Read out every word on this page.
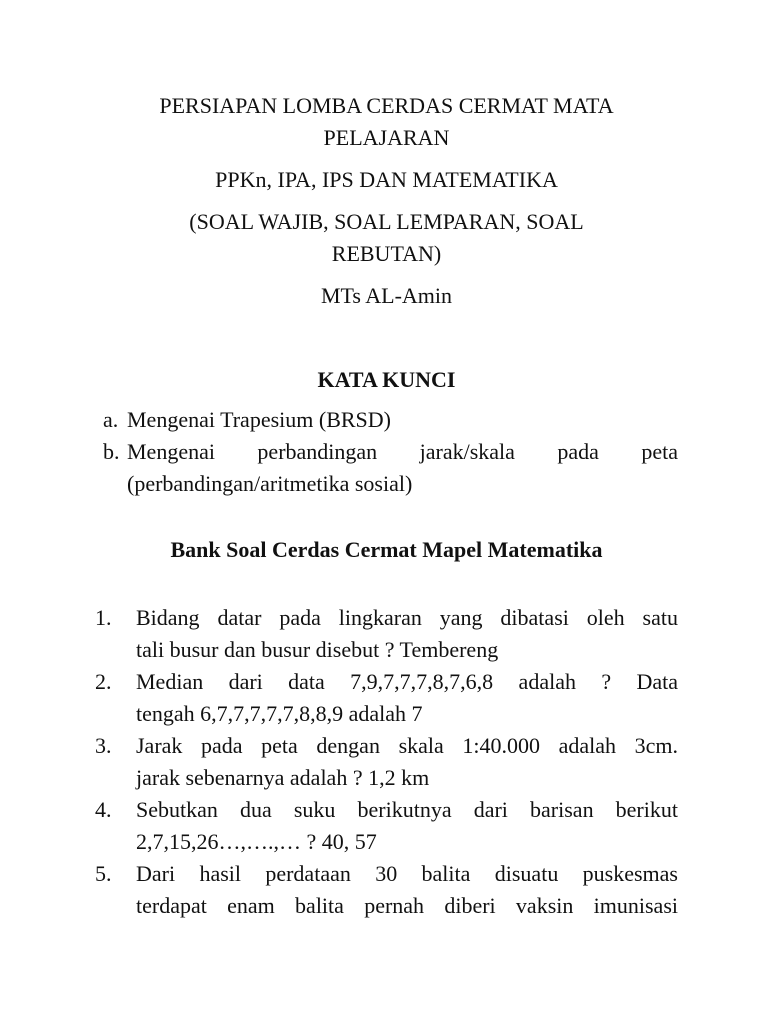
PERSIAPAN LOMBA CERDAS CERMAT MATA
PELAJARAN

PPKn, IPA, IPS DAN MATEMATIKA

(SOAL WAJIB, SOAL LEMPARAN, SOAL
REBUTAN)

MTs AL-Amin

KATA KUNCI
a. Mengenai Trapesium (BRSD)
b. Mengenai perbandingan jarak/skala pada peta
(perbandingan/aritmetika sosial)
Bank Soal Cerdas Cermat Mapel Matematika
1. Bidang datar pada lingkaran yang dibatasi oleh satu
tali busur dan busur disebut ? Tembereng
2. Median dari data 7,9,7,7,7,8,7,6,8 adalah ? Data
tengah 6,7,7,7,7,7,8,8,9 adalah 7
3. Jarak pada peta dengan skala 1:40.000 adalah 3cm.
jarak sebenarnya adalah ? 1,2 km
4. Sebutkan dua suku berikutnya dari barisan berikut
2,7,15,26…,….,… ? 40, 57
5. Dari hasil perdataan 30 balita disuatu puskesmas
terdapat enam balita pernah diberi vaksin imunisasi
